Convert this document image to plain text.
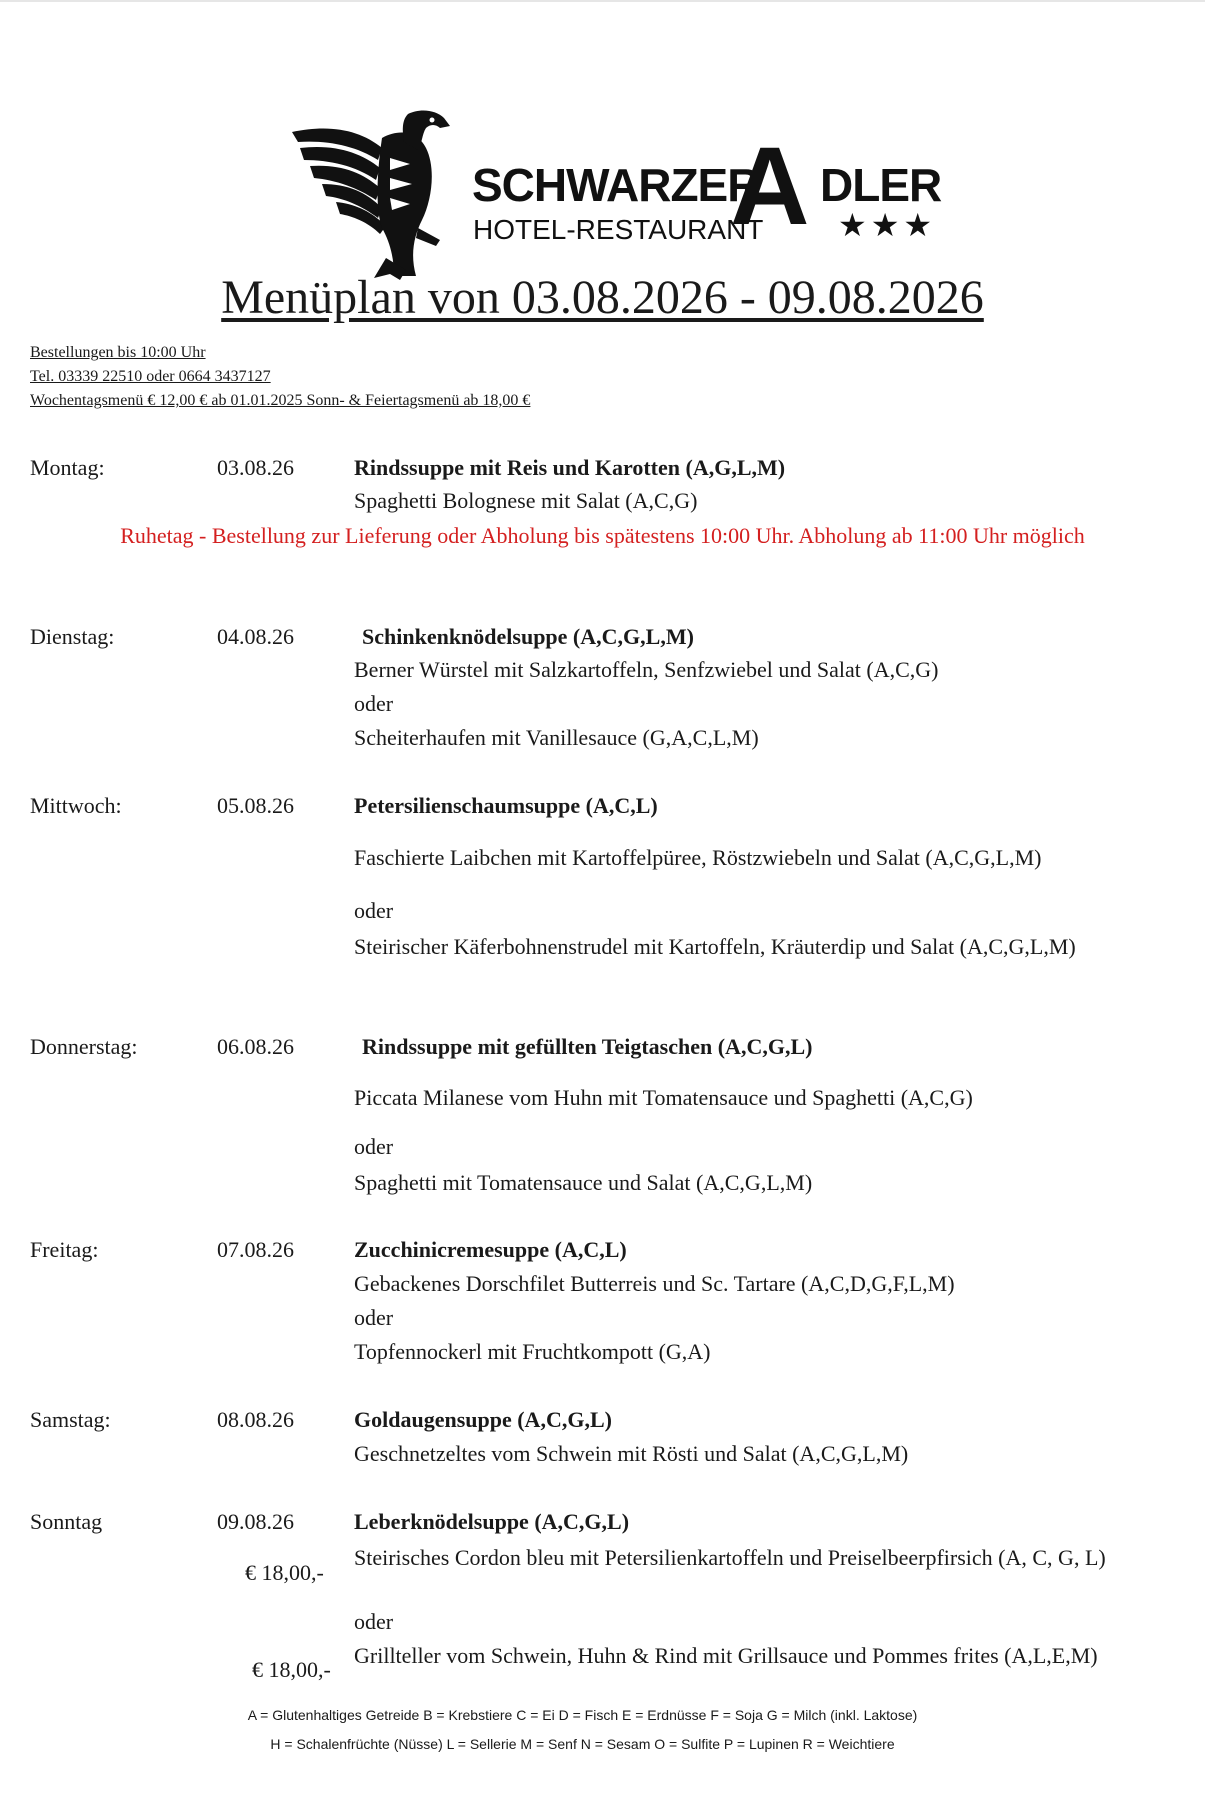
SCHWARZER
A DLER
HOTEL-RESTAURANT ★★★
Menüplan von 03.08.2026 - 09.08.2026
Bestellungen bis 10:00 Uhr
Tel. 03339 22510 oder 0664 3437127
Wochentagsmenü € 12,00 € ab 01.01.2025 Sonn- & Feiertagsmenü ab 18,00 €
Montag:	03.08.26	Rindssuppe mit Reis und Karotten (A,G,L,M)
Spaghetti Bolognese mit Salat (A,C,G)
Ruhetag - Bestellung zur Lieferung oder Abholung bis spätestens 10:00 Uhr. Abholung ab 11:00 Uhr möglich
Dienstag:	04.08.26	Schinkenknödelsuppe (A,C,G,L,M)
Berner Würstel mit Salzkartoffeln, Senfzwiebel und Salat (A,C,G)
oder
Scheiterhaufen mit Vanillesauce (G,A,C,L,M)
Mittwoch:	05.08.26	Petersilienschaumsuppe (A,C,L)
Faschierte Laibchen mit Kartoffelpüree, Röstzwiebeln und Salat (A,C,G,L,M)
oder
Steirischer Käferbohnenstrudel mit Kartoffeln, Kräuterdip und Salat (A,C,G,L,M)
Donnerstag:	06.08.26	Rindssuppe mit gefüllten Teigtaschen (A,C,G,L)
Piccata Milanese vom Huhn mit Tomatensauce und Spaghetti (A,C,G)
oder
Spaghetti mit Tomatensauce und Salat (A,C,G,L,M)
Freitag:	07.08.26	Zucchinicremesuppe (A,C,L)
Gebackenes Dorschfilet Butterreis und Sc. Tartare (A,C,D,G,F,L,M)
oder
Topfennockerl mit Fruchtkompott (G,A)
Samstag:	08.08.26	Goldaugensuppe (A,C,G,L)
Geschnetzeltes vom Schwein mit Rösti und Salat (A,C,G,L,M)
Sonntag	09.08.26	Leberknödelsuppe (A,C,G,L)
€ 18,00,-
Steirisches Cordon bleu mit Petersilienkartoffeln und Preiselbeerpfirsich (A, C, G, L)
oder
€ 18,00,-
Grillteller vom Schwein, Huhn & Rind mit Grillsauce und Pommes frites (A,L,E,M)
A = Glutenhaltiges Getreide B = Krebstiere C = Ei D = Fisch E = Erdnüsse F = Soja G = Milch (inkl. Laktose)
H = Schalenfrüchte (Nüsse) L = Sellerie M = Senf N = Sesam O = Sulfite P = Lupinen R = Weichtiere
